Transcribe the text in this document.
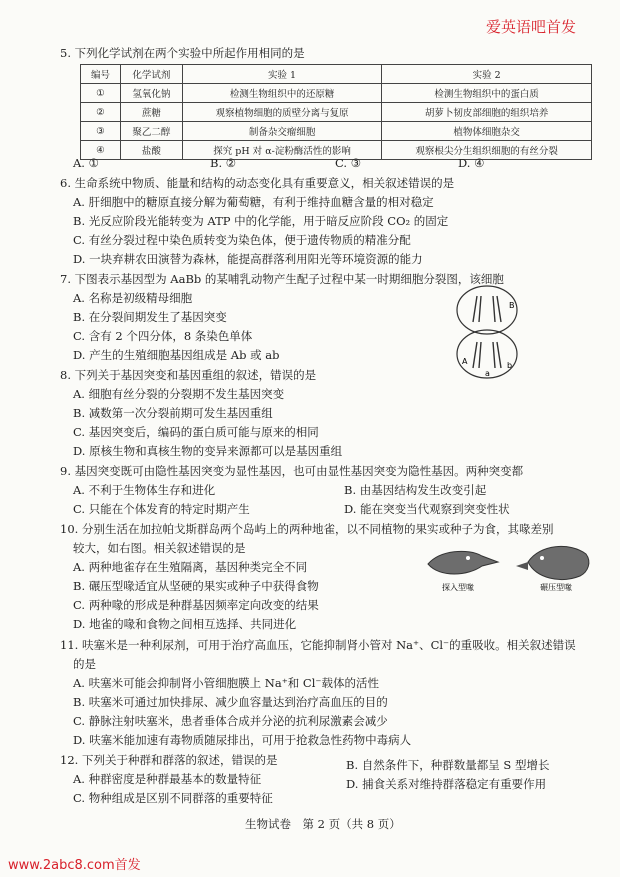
爱英语吧首发
www.2abc8.com首发
5. 下列化学试剂在两个实验中所起作用相同的是
编号	化学试剂	实验 1	实验 2
①	氢氧化钠	检测生物组织中的还原糖	检测生物组织中的蛋白质
②	蔗糖	观察植物细胞的质壁分离与复原	胡萝卜韧皮部细胞的组织培养
③	聚乙二醇	制备杂交瘤细胞	植物体细胞杂交
④	盐酸	探究 pH 对 α-淀粉酶活性的影响	观察根尖分生组织细胞的有丝分裂
A. ①	B. ②	C. ③	D. ④
6. 生命系统中物质、能量和结构的动态变化具有重要意义，相关叙述错误的是
A. 肝细胞中的糖原直接分解为葡萄糖，有利于维持血糖含量的相对稳定
B. 光反应阶段光能转变为 ATP 中的化学能，用于暗反应阶段 CO₂ 的固定
C. 有丝分裂过程中染色质转变为染色体，便于遗传物质的精准分配
D. 一块弃耕农田演替为森林，能提高群落利用阳光等环境资源的能力
7. 下图表示基因型为 AaBb 的某哺乳动物产生配子过程中某一时期细胞分裂图，该细胞
A. 名称是初级精母细胞
B. 在分裂间期发生了基因突变
C. 含有 2 个四分体，8 条染色单体
D. 产生的生殖细胞基因组成是 Ab 或 ab
B
A
a
b
8. 下列关于基因突变和基因重组的叙述，错误的是
A. 细胞有丝分裂的分裂期不发生基因突变
B. 减数第一次分裂前期可发生基因重组
C. 基因突变后，编码的蛋白质可能与原来的相同
D. 原核生物和真核生物的变异来源都可以是基因重组
9. 基因突变既可由隐性基因突变为显性基因，也可由显性基因突变为隐性基因。两种突变都
A. 不利于生物体生存和进化	B. 由基因结构发生改变引起
C. 只能在个体发育的特定时期产生	D. 能在突变当代观察到突变性状
10. 分别生活在加拉帕戈斯群岛两个岛屿上的两种地雀，以不同植物的果实或种子为食，其喙差别
较大，如右图。相关叙述错误的是
A. 两种地雀存在生殖隔离，基因种类完全不同
B. 碾压型喙适宜从坚硬的果实或种子中获得食物
C. 两种喙的形成是种群基因频率定向改变的结果
D. 地雀的喙和食物之间相互选择、共同进化
探入型喙	碾压型喙
11. 呋塞米是一种利尿剂，可用于治疗高血压，它能抑制肾小管对 Na⁺、Cl⁻的重吸收。相关叙述错误
的是
A. 呋塞米可能会抑制肾小管细胞膜上 Na⁺和 Cl⁻载体的活性
B. 呋塞米可通过加快排尿、减少血容量达到治疗高血压的目的
C. 静脉注射呋塞米，患者垂体合成并分泌的抗利尿激素会减少
D. 呋塞米能加速有毒物质随尿排出，可用于抢救急性药物中毒病人
12. 下列关于种群和群落的叙述，错误的是
A. 种群密度是种群最基本的数量特征
B. 自然条件下，种群数量都呈 S 型增长
C. 物种组成是区别不同群落的重要特征
D. 捕食关系对维持群落稳定有重要作用
生物试卷　第 2 页（共 8 页）
